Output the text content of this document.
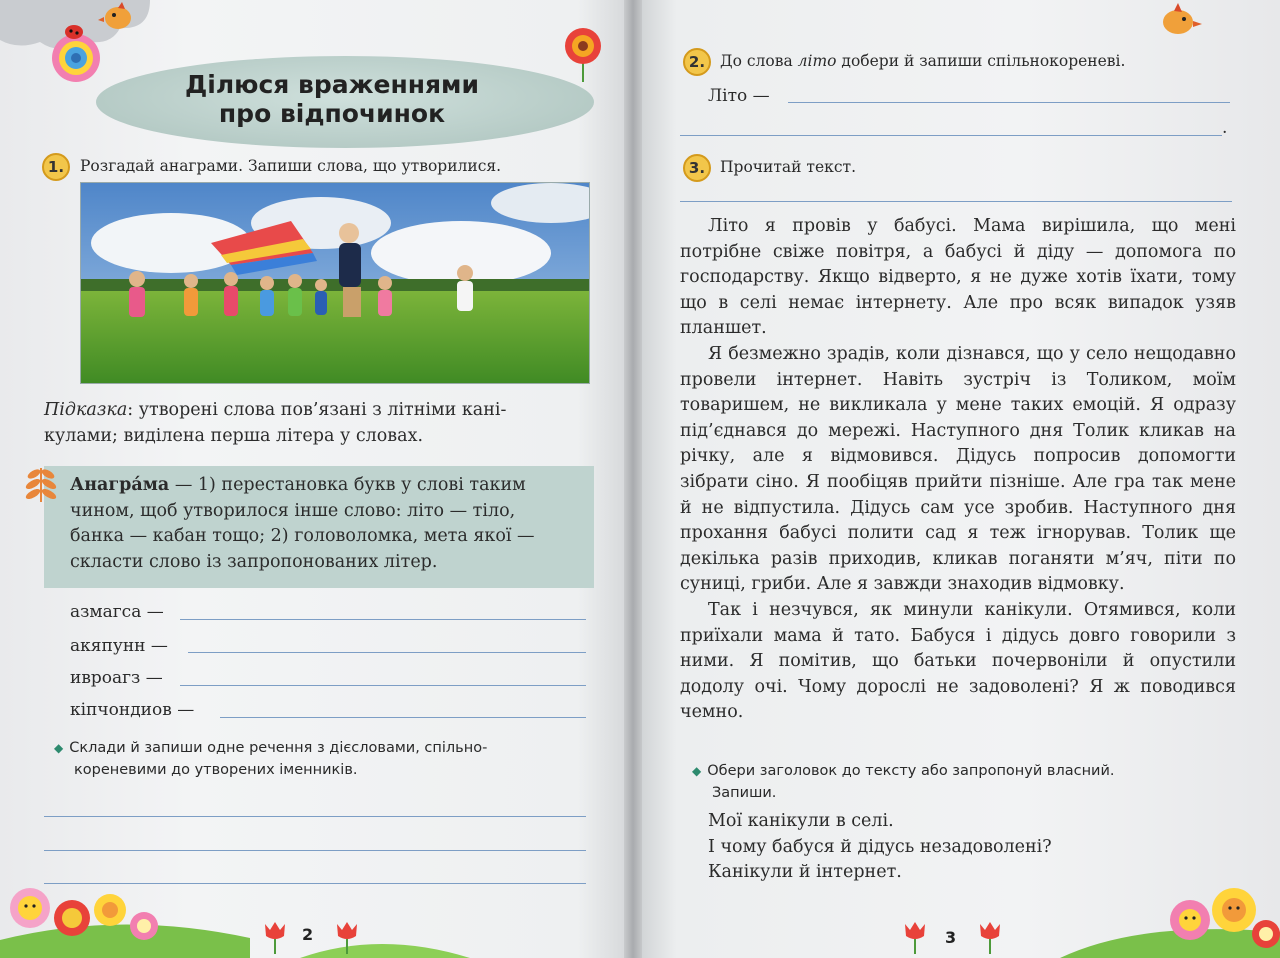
Ділюся враженнями
про відпочинок
1.	Розгадай анаграми. Запиши слова, що утворилися.
Підказка: утворені слова пов’язані з літніми кані-
кулами; виділена перша літера у словах.
Анагра́ма — 1) перестановка букв у слові таким
чином, щоб утворилося інше слово: літо — тіло,
банка — кабан тощо; 2) головоломка, мета якої —
скласти слово із запропонованих літер.
азмагса —
акяпунн —
ивроагз —
кіпчондиов —
◆ Склади й запиши одне речення з дієсловами, спільно-
кореневими до утворених іменників.
2
2. До слова літо добери й запиши спільнокореневі.
Літо —
.
3. Прочитай текст.

Літо я провів у бабусі. Мама вирішила, що мені потрібне свіже повітря, а бабусі й діду — допомога по господарству. Якщо відверто, я не дуже хотів їхати, тому що в селі немає інтернету. Але про всяк випадок узяв планшет.

Я безмежно зрадів, коли дізнався, що у село нещодавно провели інтернет. Навіть зустріч із Толиком, моїм товаришем, не викликала у мене таких емоцій. Я одразу під’єднався до мережі. Наступного дня Толик кликав на річку, але я відмовився. Дідусь попросив допомогти зібрати сіно. Я пообіцяв прийти пізніше. Але гра так мене й не відпустила. Дідусь сам усе зробив. Наступного дня прохання бабусі полити сад я теж ігнорував. Толик ще декілька разів приходив, кликав поганяти м’яч, піти по суниці, гриби. Але я завжди знаходив відмовку.

Так і незчувся, як минули канікули. Отямився, коли приїхали мама й тато. Бабуся і дідусь довго говорили з ними. Я помітив, що батьки почервоніли й опустили додолу очі. Чому дорослі не задоволені? Я ж поводився чемно.

◆ Обери заголовок до тексту або запропонуй власний.
Запиши.
Мої канікули в селі.
І чому бабуся й дідусь незадоволені?
Канікули й інтернет.
3
